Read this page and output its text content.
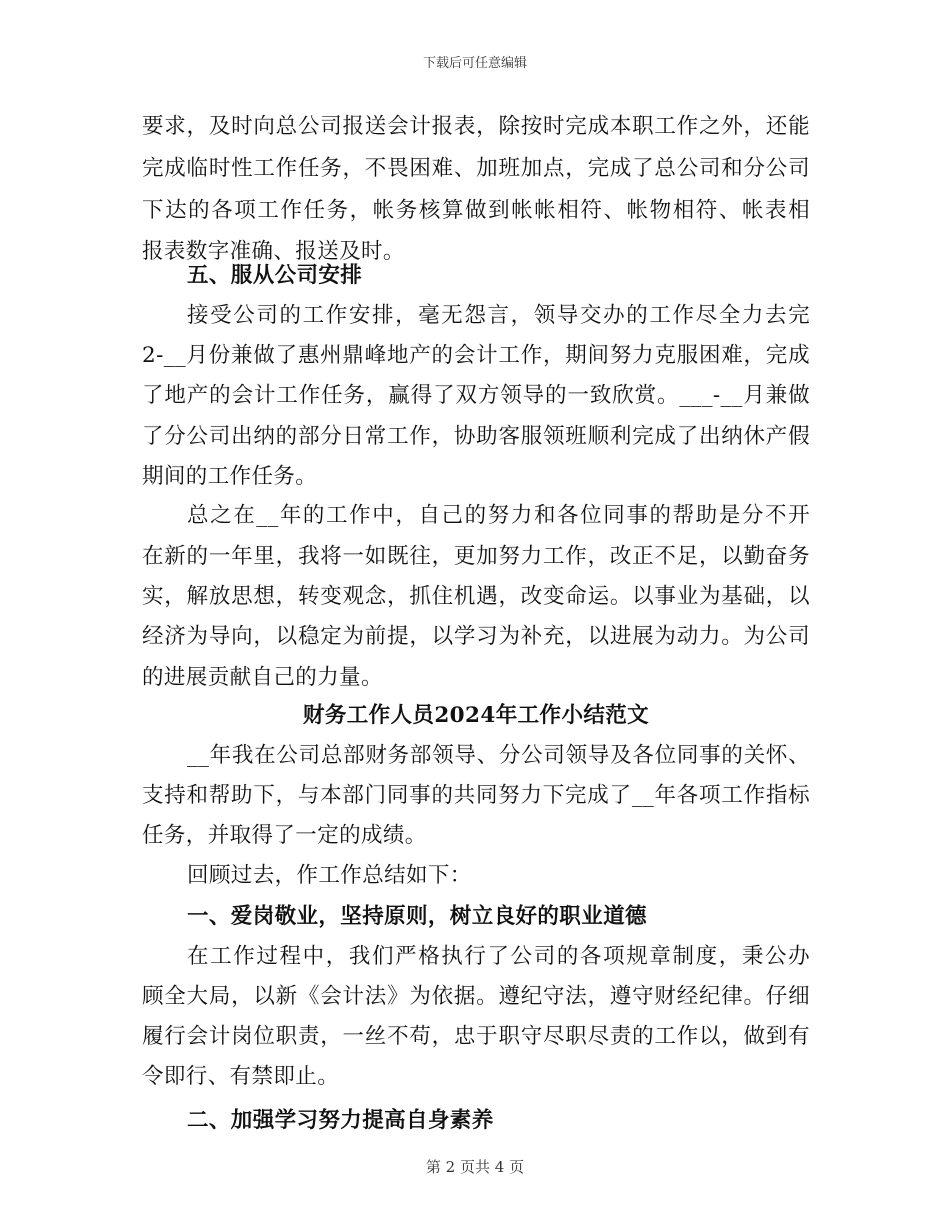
下载后可任意编辑
要求，及时向总公司报送会计报表，除按时完成本职工作之外，还能
完成临时性工作任务，不畏困难、加班加点，完成了总公司和分公司
下达的各项工作任务，帐务核算做到帐帐相符、帐物相符、帐表相
报表数字准确、报送及时。
五、服从公司安排
接受公司的工作安排，毫无怨言，领导交办的工作尽全力去完
2-__月份兼做了惠州鼎峰地产的会计工作，期间努力克服困难，完成
了地产的会计工作任务，赢得了双方领导的一致欣赏。___-__月兼做
了分公司出纳的部分日常工作，协助客服领班顺利完成了出纳休产假
期间的工作任务。
总之在__年的工作中，自己的努力和各位同事的帮助是分不开
在新的一年里，我将一如既往，更加努力工作，改正不足，以勤奋务
实，解放思想，转变观念，抓住机遇，改变命运。以事业为基础，以
经济为导向，以稳定为前提，以学习为补充，以进展为动力。为公司
的进展贡献自己的力量。
财务工作人员2024年工作小结范文
__年我在公司总部财务部领导、分公司领导及各位同事的关怀、
支持和帮助下，与本部门同事的共同努力下完成了__年各项工作指标
任务，并取得了一定的成绩。
回顾过去，作工作总结如下：
一、爱岗敬业，坚持原则，树立良好的职业道德
在工作过程中，我们严格执行了公司的各项规章制度，秉公办
顾全大局，以新《会计法》为依据。遵纪守法，遵守财经纪律。仔细
履行会计岗位职责，一丝不苟，忠于职守尽职尽责的工作以，做到有
令即行、有禁即止。
二、加强学习努力提高自身素养
第 2 页共 4 页
